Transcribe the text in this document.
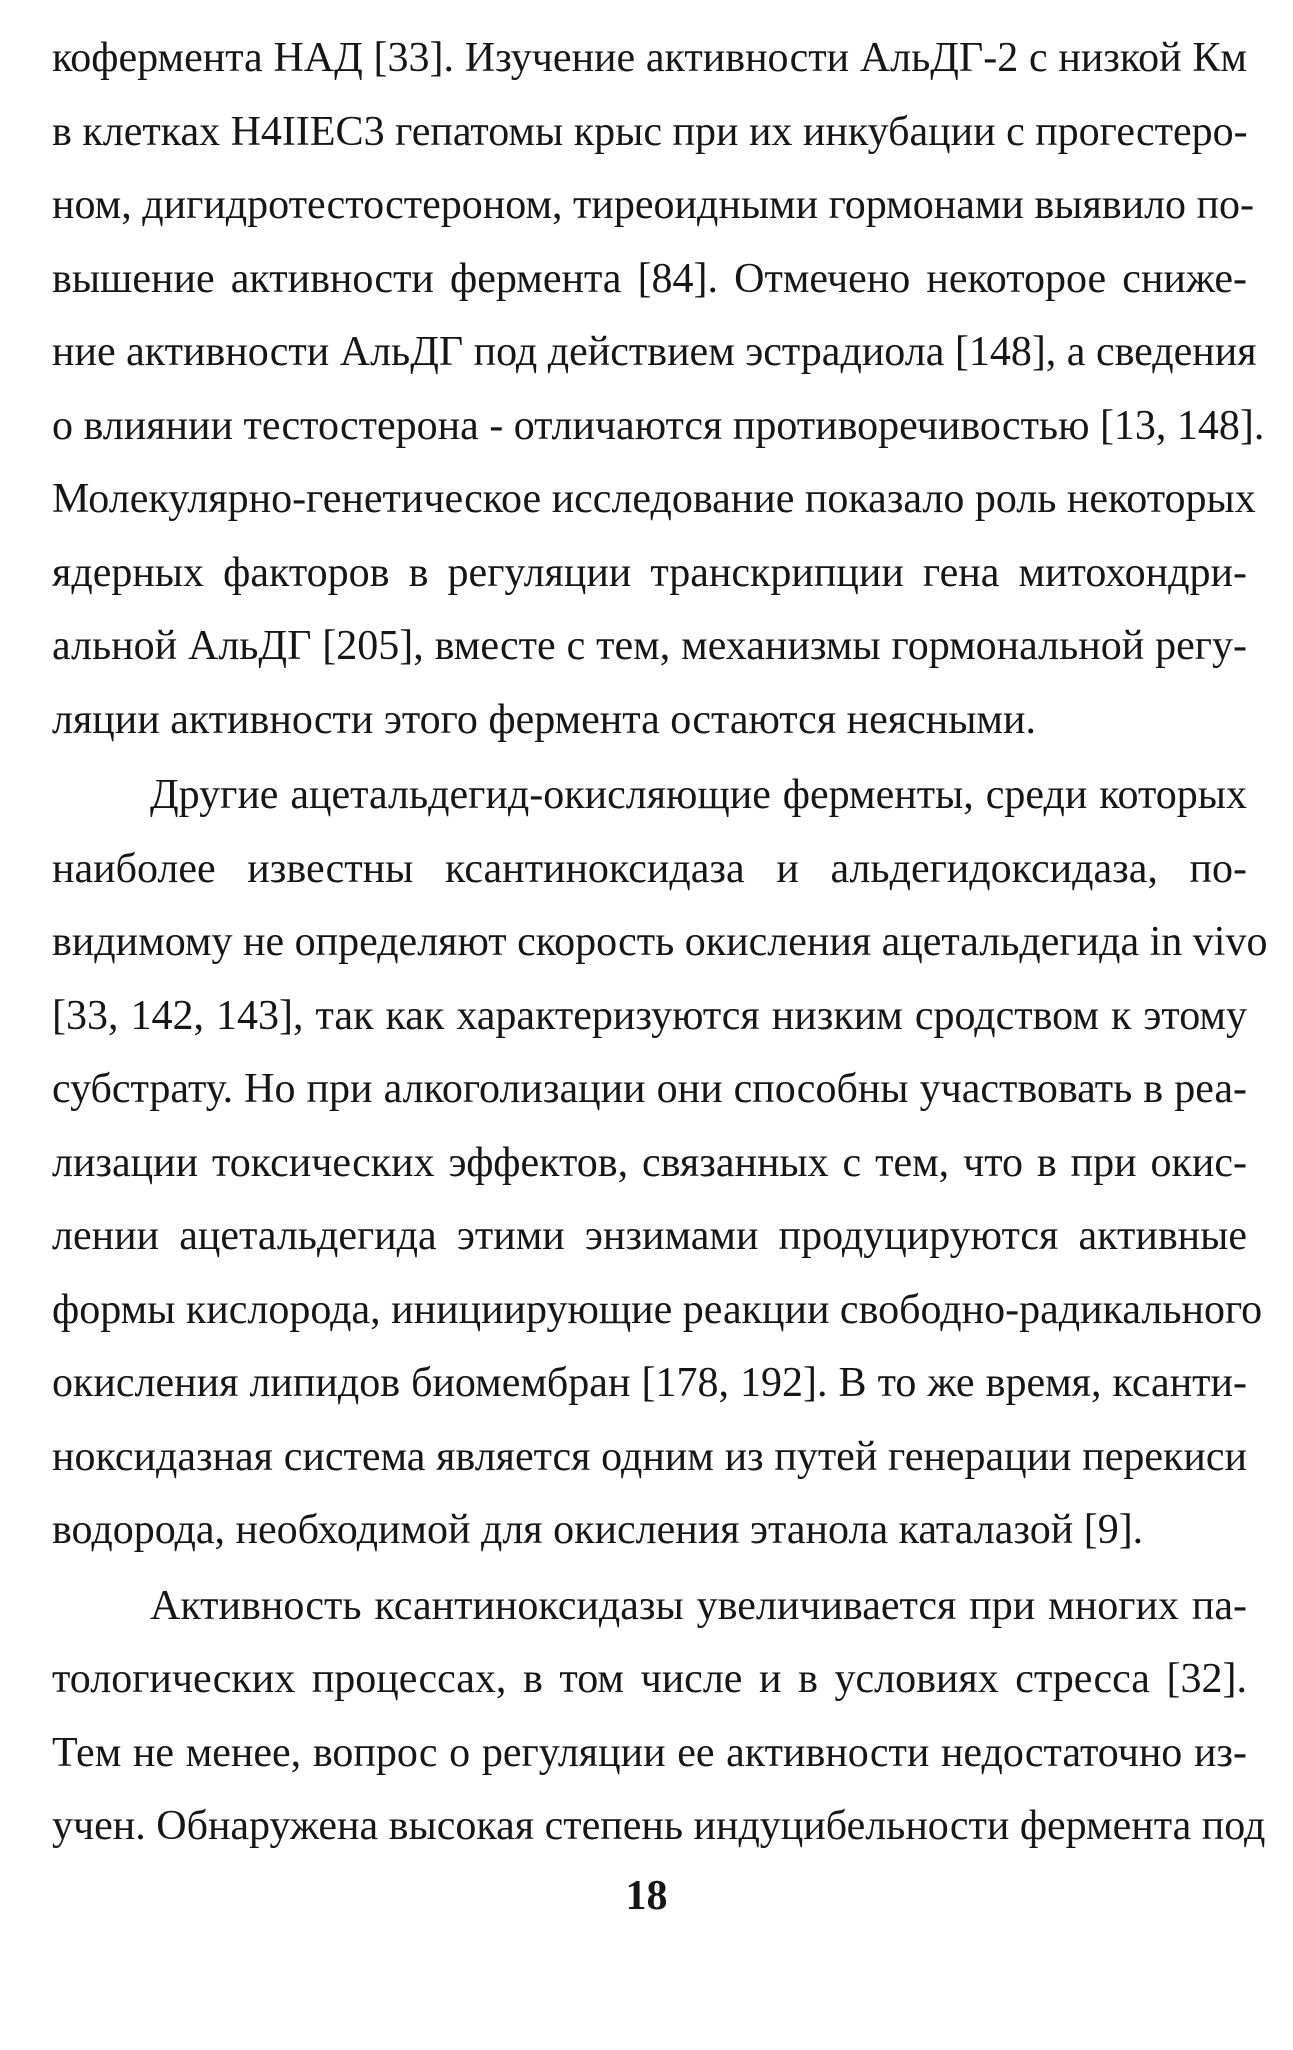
кофермента НАД [33]. Изучение активности АльДГ-2 с низкой Км
в клетках H4IIEC3 гепатомы крыс при их инкубации с прогестеро-
ном, дигидротестостероном, тиреоидными гормонами выявило по-
вышение активности фермента [84]. Отмечено некоторое сниже-
ние активности АльДГ под действием эстрадиола [148], а сведения
о влиянии тестостерона - отличаются противоречивостью [13, 148].
Молекулярно-генетическое исследование показало роль некоторых
ядерных факторов в регуляции транскрипции гена митохондри-
альной АльДГ [205], вместе с тем, механизмы гормональной регу-
ляции активности этого фермента остаются неясными.
Другие ацетальдегид-окисляющие ферменты, среди которых
наиболее известны ксантиноксидаза и альдегидоксидаза, по-
видимому не определяют скорость окисления ацетальдегида in vivo
[33, 142, 143], так как характеризуются низким сродством к этому
субстрату. Но при алкоголизации они способны участвовать в реа-
лизации токсических эффектов, связанных с тем, что в при окис-
лении ацетальдегида этими энзимами продуцируются активные
формы кислорода, инициирующие реакции свободно-радикального
окисления липидов биомембран [178, 192]. В то же время, ксанти-
ноксидазная система является одним из путей генерации перекиси
водорода, необходимой для окисления этанола каталазой [9].
Активность ксантиноксидазы увеличивается при многих па-
тологических процессах, в том числе и в условиях стресса [32].
Тем не менее, вопрос о регуляции ее активности недостаточно из-
учен. Обнаружена высокая степень индуцибельности фермента под
18
